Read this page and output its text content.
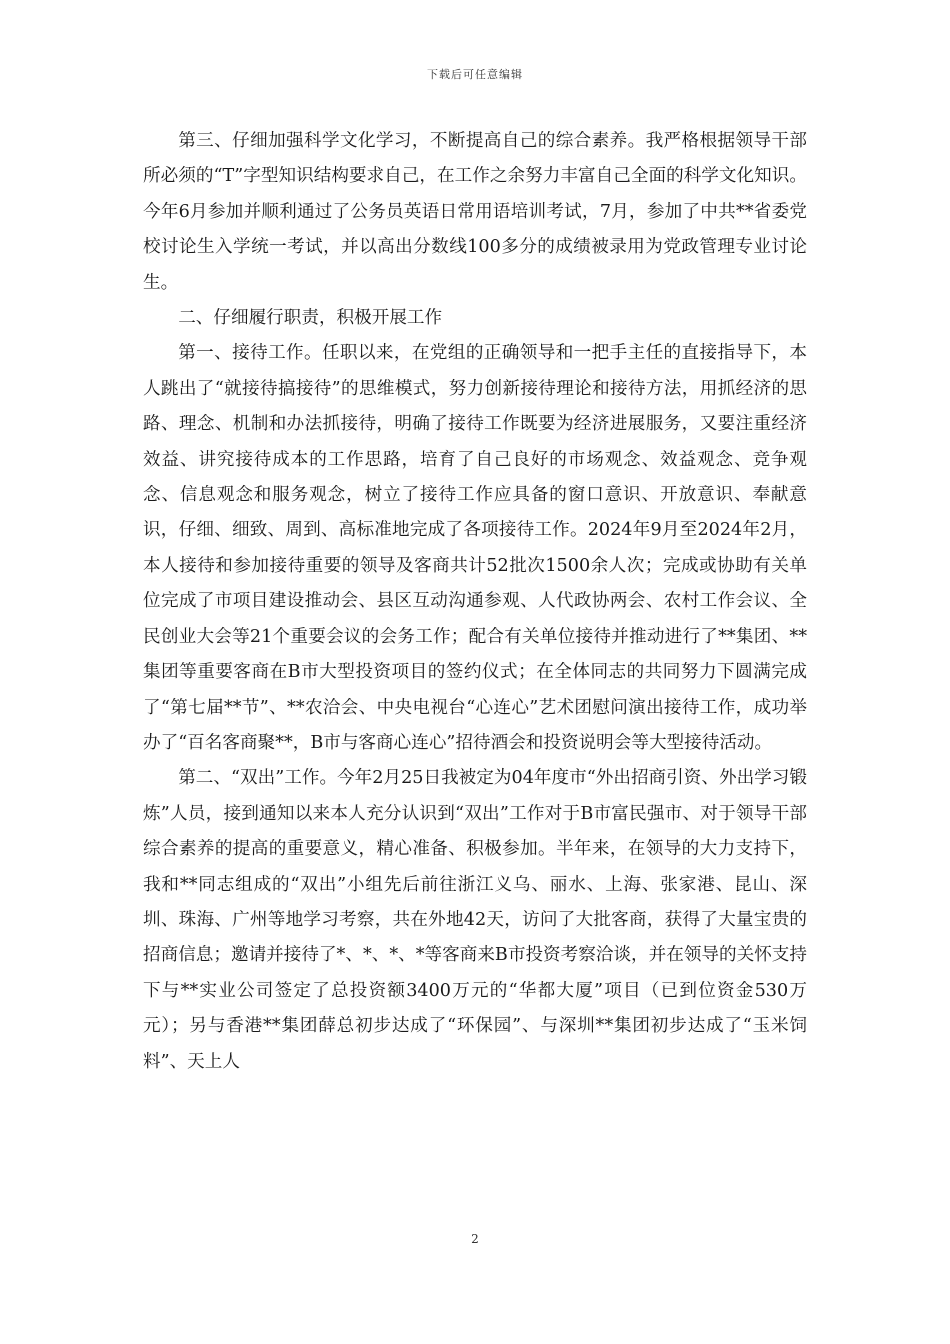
下载后可任意编辑

第三、仔细加强科学文化学习，不断提高自己的综合素养。我严格根据领导干部所必须的“T”字型知识结构要求自己，在工作之余努力丰富自己全面的科学文化知识。今年6月参加并顺利通过了公务员英语日常用语培训考试，7月，参加了中共**省委党校讨论生入学统一考试，并以高出分数线100多分的成绩被录用为党政管理专业讨论生。

二、仔细履行职责，积极开展工作

第一、接待工作。任职以来，在党组的正确领导和一把手主任的直接指导下，本人跳出了“就接待搞接待”的思维模式，努力创新接待理论和接待方法，用抓经济的思路、理念、机制和办法抓接待，明确了接待工作既要为经济进展服务，又要注重经济效益、讲究接待成本的工作思路，培育了自己良好的市场观念、效益观念、竞争观念、信息观念和服务观念，树立了接待工作应具备的窗口意识、开放意识、奉献意识，仔细、细致、周到、高标准地完成了各项接待工作。2024年9月至2024年2月，本人接待和参加接待重要的领导及客商共计52批次1500余人次；完成或协助有关单位完成了市项目建设推动会、县区互动沟通参观、人代政协两会、农村工作会议、全民创业大会等21个重要会议的会务工作；配合有关单位接待并推动进行了**集团、**集团等重要客商在B市大型投资项目的签约仪式；在全体同志的共同努力下圆满完成了“第七届**节”、**农洽会、中央电视台“心连心”艺术团慰问演出接待工作，成功举办了“百名客商聚**，B市与客商心连心”招待酒会和投资说明会等大型接待活动。

第二、“双出”工作。今年2月25日我被定为04年度市“外出招商引资、外出学习锻炼”人员，接到通知以来本人充分认识到“双出”工作对于B市富民强市、对于领导干部综合素养的提高的重要意义，精心准备、积极参加。半年来，在领导的大力支持下，我和**同志组成的“双出”小组先后前往浙江义乌、丽水、上海、张家港、昆山、深圳、珠海、广州等地学习考察，共在外地42天，访问了大批客商，获得了大量宝贵的招商信息；邀请并接待了*、*、*、*等客商来B市投资考察洽谈，并在领导的关怀支持下与**实业公司签定了总投资额3400万元的“华都大厦”项目（已到位资金530万元）；另与香港**集团薛总初步达成了“环保园”、与深圳**集团初步达成了“玉米饲料”、天上人

2
